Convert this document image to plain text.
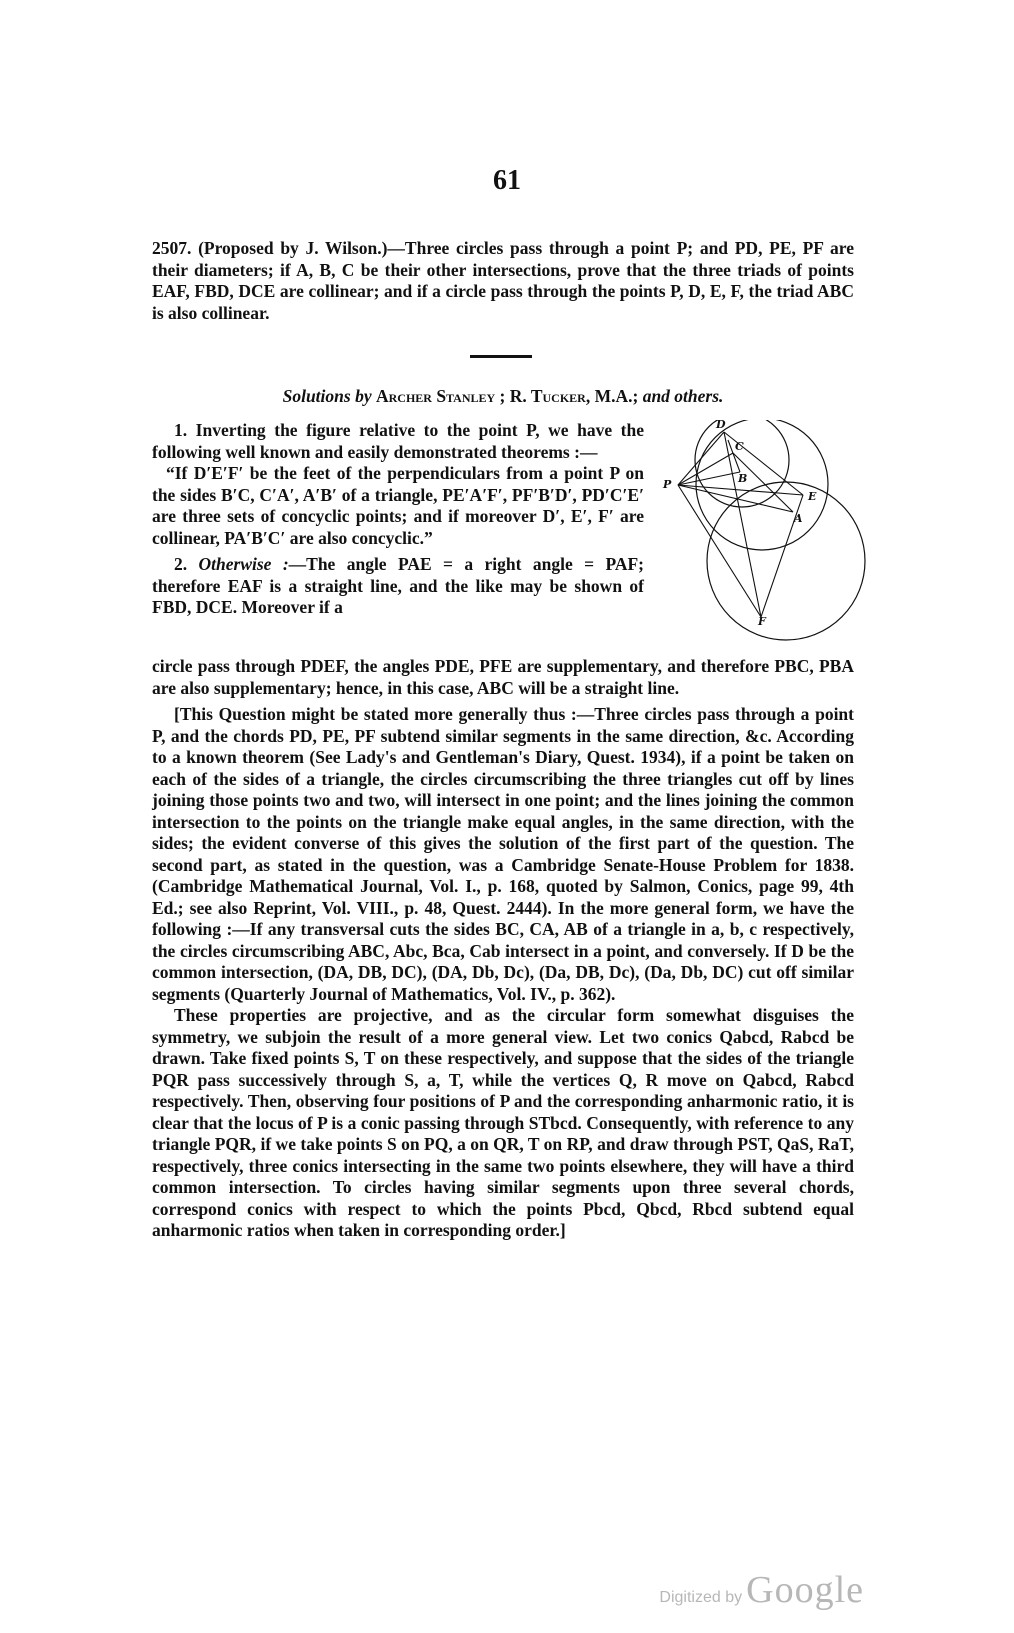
61

2507. (Proposed by J. Wilson.)—Three circles pass through a point P; and PD, PE, PF are their diameters; if A, B, C be their other intersections, prove that the three triads of points EAF, FBD, DCE are collinear; and if a circle pass through the points P, D, E, F, the triad ABC is also collinear.

Solutions by Archer Stanley ; R. Tucker, M.A.; and others.

1. Inverting the figure relative to the point P, we have the following well known and easily demonstrated theorems :—

“If D′E′F′ be the feet of the perpendiculars from a point P on the sides B′C, C′A′, A′B′ of a triangle, PE′A′F′, PF′B′D′, PD′C′E′ are three sets of concyclic points; and if moreover D′, E′, F′ are collinear, PA′B′C′ are also concyclic.”

2. Otherwise :—The angle PAE = a right angle = PAF; therefore EAF is a straight line, and the like may be shown of FBD, DCE. Moreover if a

D
C
B
P
E
A
F

circle pass through PDEF, the angles PDE, PFE are supplementary, and therefore PBC, PBA are also supplementary; hence, in this case, ABC will be a straight line.

[This Question might be stated more generally thus :—Three circles pass through a point P, and the chords PD, PE, PF subtend similar segments in the same direction, &c. According to a known theorem (See Lady's and Gentleman's Diary, Quest. 1934), if a point be taken on each of the sides of a triangle, the circles circumscribing the three triangles cut off by lines joining those points two and two, will intersect in one point; and the lines joining the common intersection to the points on the triangle make equal angles, in the same direction, with the sides; the evident converse of this gives the solution of the first part of the question. The second part, as stated in the question, was a Cambridge Senate-House Problem for 1838. (Cambridge Mathematical Journal, Vol. I., p. 168, quoted by Salmon, Conics, page 99, 4th Ed.; see also Reprint, Vol. VIII., p. 48, Quest. 2444). In the more general form, we have the following :—If any transversal cuts the sides BC, CA, AB of a triangle in a, b, c respectively, the circles circumscribing ABC, Abc, Bca, Cab intersect in a point, and conversely. If D be the common intersection, (DA, DB, DC), (DA, Db, Dc), (Da, DB, Dc), (Da, Db, DC) cut off similar segments (Quarterly Journal of Mathematics, Vol. IV., p. 362).

These properties are projective, and as the circular form somewhat disguises the symmetry, we subjoin the result of a more general view. Let two conics Qabcd, Rabcd be drawn. Take fixed points S, T on these respectively, and suppose that the sides of the triangle PQR pass successively through S, a, T, while the vertices Q, R move on Qabcd, Rabcd respectively. Then, observing four positions of P and the corresponding anharmonic ratio, it is clear that the locus of P is a conic passing through STbcd. Consequently, with reference to any triangle PQR, if we take points S on PQ, a on QR, T on RP, and draw through PST, QaS, RaT, respectively, three conics intersecting in the same two points elsewhere, they will have a third common intersection. To circles having similar segments upon three several chords, correspond conics with respect to which the points Pbcd, Qbcd, Rbcd subtend equal anharmonic ratios when taken in corresponding order.]

Digitized by Google
